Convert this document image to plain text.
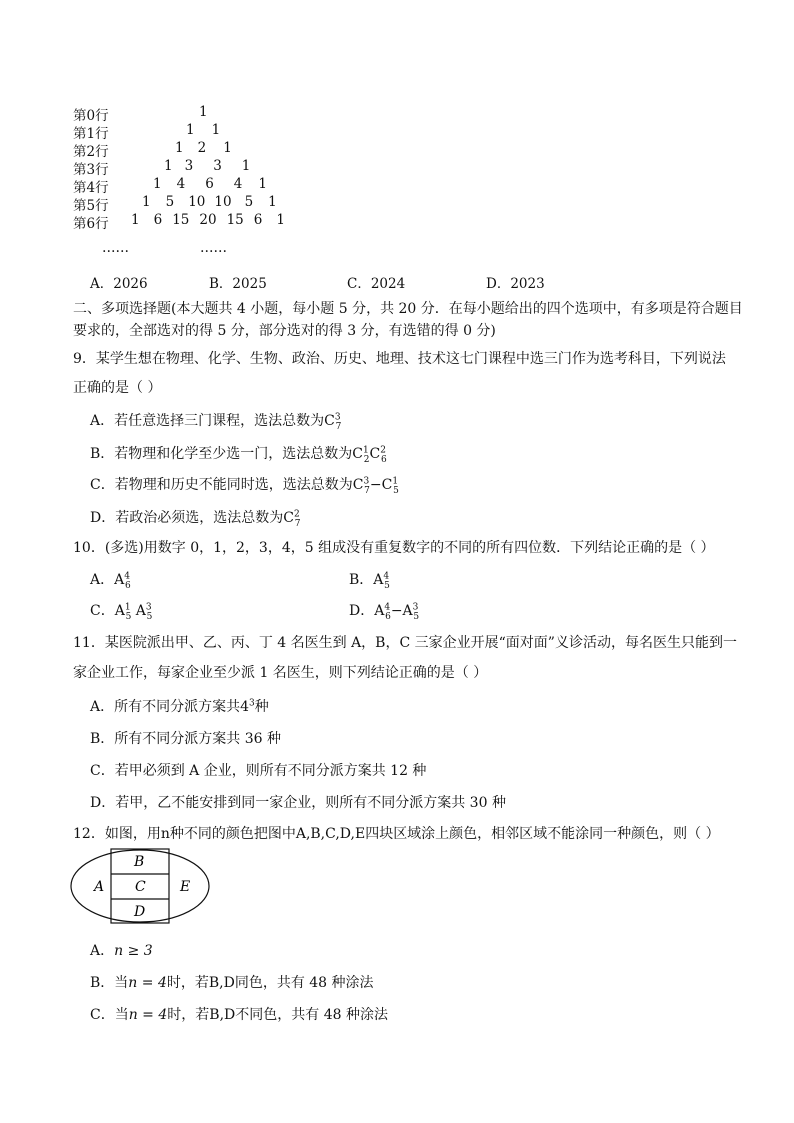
第0行	1
第1行	1 1
第2行	1 2 1
第3行	1 3 3 1
第4行	1 4 6 4 1
第5行 1 5 10 10 5 1
第6行 1 6 15 20 15 6 1
……	……
A．2026	B．2025	C．2024	D．2023
二、多项选择题(本大题共 4 小题，每小题 5 分，共 20 分．在每小题给出的四个选项中，有多项是符合题目
要求的，全部选对的得 5 分，部分选对的得 3 分，有选错的得 0 分)
9．某学生想在物理、化学、生物、政治、历史、地理、技术这七门课程中选三门作为选考科目，下列说法
正确的是（ ）
A．若任意选择三门课程，选法总数为$C^3_7$
B．若物理和化学至少选一门，选法总数为$C^1_2C^2_6$
C．若物理和历史不能同时选，选法总数为$C^3_7-C^1_5$
D．若政治必须选，选法总数为$C^2_7$
10．(多选)用数字 0，1，2，3，4，5 组成没有重复数字的不同的所有四位数．下列结论正确的是（ ）
A．$A^4_6$	B．$A^4_5$
C．$A^1_5$ $A^3_5$	D．$A^4_6-A^3_5$
11．某医院派出甲、乙、丙、丁 4 名医生到 A，B，C 三家企业开展“面对面”义诊活动，每名医生只能到一
家企业工作，每家企业至少派 1 名医生，则下列结论正确的是（ ）
A．所有不同分派方案共$4^3$种
B．所有不同分派方案共 36 种
C．若甲必须到 A 企业，则所有不同分派方案共 12 种
D．若甲，乙不能安排到同一家企业，则所有不同分派方案共 30 种
12．如图，用n种不同的颜色把图中A,B,C,D,E四块区域涂上颜色，相邻区域不能涂同一种颜色，则（ ）
A
B
C
D
E
A．n ≥ 3
B．当n = 4时，若B,D同色，共有 48 种涂法
C．当n = 4时，若B,D不同色，共有 48 种涂法
